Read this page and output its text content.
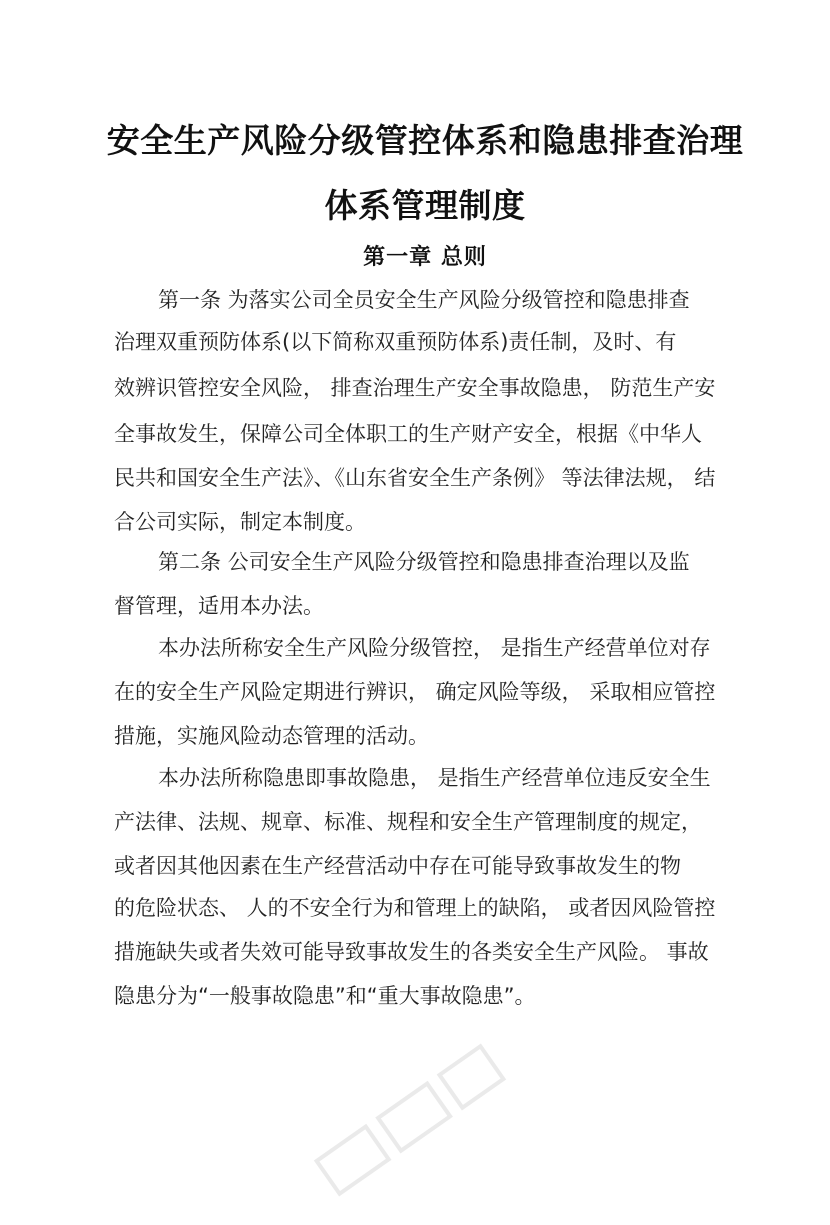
安全生产风险分级管控体系和隐患排查治理
体系管理制度
第一章 总则
第一条 为落实公司全员安全生产风险分级管控和隐患排查
治理双重预防体系(以下简称双重预防体系)责任制，及时、有
效辨识管控安全风险， 排查治理生产安全事故隐患， 防范生产安
全事故发生，保障公司全体职工的生产财产安全，根据《中华人
民共和国安全生产法》、《山东省安全生产条例》 等法律法规， 结
合公司实际，制定本制度。
第二条 公司安全生产风险分级管控和隐患排查治理以及监
督管理，适用本办法。
本办法所称安全生产风险分级管控， 是指生产经营单位对存
在的安全生产风险定期进行辨识， 确定风险等级， 采取相应管控
措施，实施风险动态管理的活动。
本办法所称隐患即事故隐患， 是指生产经营单位违反安全生
产法律、法规、规章、标准、规程和安全生产管理制度的规定，
或者因其他因素在生产经营活动中存在可能导致事故发生的物
的危险状态、 人的不安全行为和管理上的缺陷， 或者因风险管控
措施缺失或者失效可能导致事故发生的各类安全生产风险。 事故
隐患分为“一般事故隐患”和“重大事故隐患”。
